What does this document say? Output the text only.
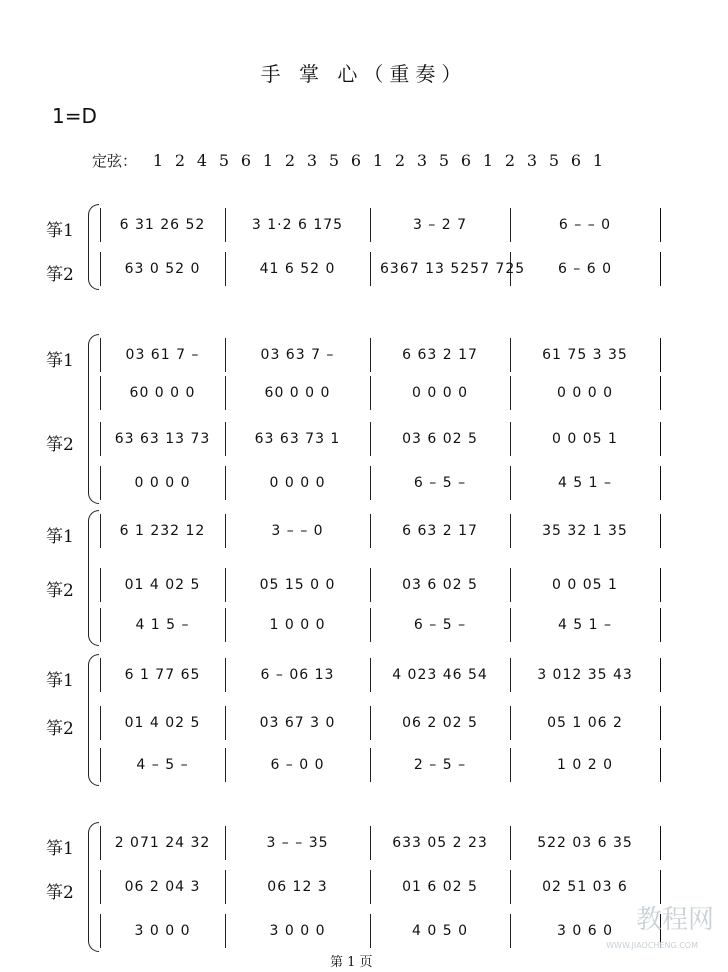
手 掌 心（重奏）
1=D
定弦： 1 2 4 5 6 1 2 3 5 6 1 2 3 5 6 1 2 3 5 6 1
筝1	6 31 26 52	3 1·2 6 175	3 – 2 7	6 – – 0
筝2	63 0 52 0	41 6 52 0	6367 13 5257 725	6 – 6 0
筝1	03 61 7 –	03 63 7 –	6 63 2 17	61 75 3 35
60 0 0 0	60 0 0 0	0 0 0 0	0 0 0 0
筝2	63 63 13 73	63 63 73 1	03 6 02 5	0 0 05 1
0 0 0 0	0 0 0 0	6 – 5 –	4 5 1 –
筝1	6 1 232 12	3 – – 0	6 63 2 17	35 32 1 35
筝2	01 4 02 5	05 15 0 0	03 6 02 5	0 0 05 1
4 1 5 –	1 0 0 0	6 – 5 –	4 5 1 –
筝1	6 1 77 65	6 – 06 13	4 023 46 54	3 012 35 43
筝2	01 4 02 5	03 67 3 0	06 2 02 5	05 1 06 2
4 – 5 –	6 – 0 0	2 – 5 –	1 0 2 0
筝1	2 071 24 32	3 – – 35	633 05 2 23	522 03 6 35
筝2	06 2 04 3	06 12 3	01 6 02 5	02 51 03 6
3 0 0 0	3 0 0 0	4 0 5 0	3 0 6 0 教程网
WWW.JIAOCHENG.COM
第 1 页
